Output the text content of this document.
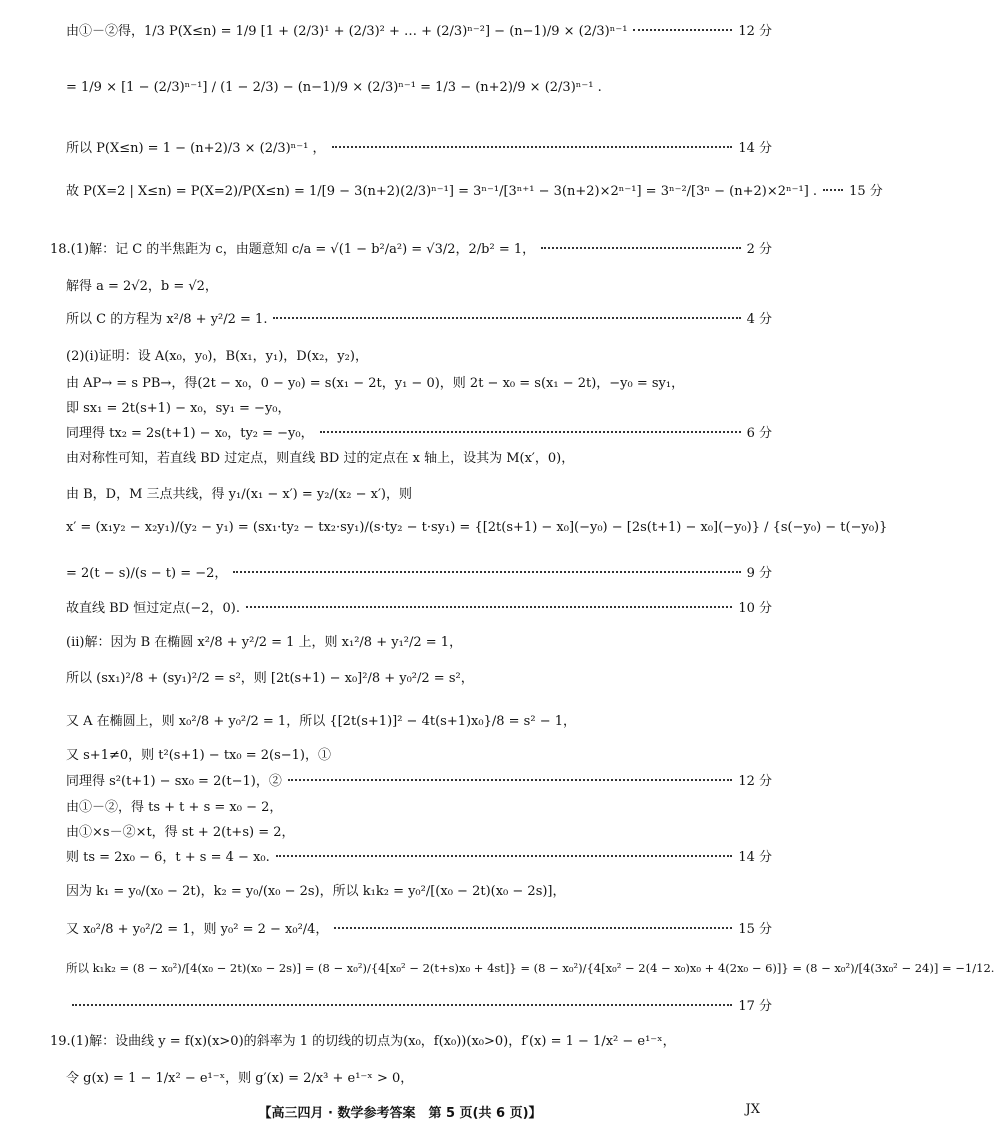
由①－②得，1/3 P(X≤n) = 1/9 [1 + (2/3)¹ + (2/3)² + … + (2/3)ⁿ⁻²] − (n−1)/9 × (2/3)ⁿ⁻¹	12 分
= 1/9 × [1 − (2/3)ⁿ⁻¹] / (1 − 2/3) − (n−1)/9 × (2/3)ⁿ⁻¹ = 1/3 − (n+2)/9 × (2/3)ⁿ⁻¹ .
所以 P(X≤n) = 1 − (n+2)/3 × (2/3)ⁿ⁻¹ ，	14 分
故 P(X=2 | X≤n) = P(X=2)/P(X≤n) = 1/[9 − 3(n+2)(2/3)ⁿ⁻¹] = 3ⁿ⁻¹/[3ⁿ⁺¹ − 3(n+2)×2ⁿ⁻¹] = 3ⁿ⁻²/[3ⁿ − (n+2)×2ⁿ⁻¹] . 15 分
18.(1)解：记 C 的半焦距为 c，由题意知 c/a = √(1 − b²/a²) = √3/2，2/b² = 1，	2 分
解得 a = 2√2，b = √2，
所以 C 的方程为 x²/8 + y²/2 = 1.	4 分
(2)(ⅰ)证明：设 A(x₀，y₀)，B(x₁，y₁)，D(x₂，y₂)，
由 AP→ = s PB→，得(2t − x₀，0 − y₀) = s(x₁ − 2t，y₁ − 0)，则 2t − x₀ = s(x₁ − 2t)，−y₀ = sy₁，
即 sx₁ = 2t(s+1) − x₀，sy₁ = −y₀，
同理得 tx₂ = 2s(t+1) − x₀，ty₂ = −y₀，	6 分
由对称性可知，若直线 BD 过定点，则直线 BD 过的定点在 x 轴上，设其为 M(x′，0)，
由 B，D，M 三点共线，得 y₁/(x₁ − x′) = y₂/(x₂ − x′)，则
x′ = (x₁y₂ − x₂y₁)/(y₂ − y₁) = (sx₁·ty₂ − tx₂·sy₁)/(s·ty₂ − t·sy₁) = {[2t(s+1) − x₀](−y₀) − [2s(t+1) − x₀](−y₀)} / {s(−y₀) − t(−y₀)}
= 2(t − s)/(s − t) = −2，	9 分
故直线 BD 恒过定点(−2，0).	10 分
(ⅱ)解：因为 B 在椭圆 x²/8 + y²/2 = 1 上，则 x₁²/8 + y₁²/2 = 1，
所以 (sx₁)²/8 + (sy₁)²/2 = s²，则 [2t(s+1) − x₀]²/8 + y₀²/2 = s²，
又 A 在椭圆上，则 x₀²/8 + y₀²/2 = 1，所以 {[2t(s+1)]² − 4t(s+1)x₀}/8 = s² − 1，
又 s+1≠0，则 t²(s+1) − tx₀ = 2(s−1)，①
同理得 s²(t+1) − sx₀ = 2(t−1)，②	12 分
由①－②，得 ts + t + s = x₀ − 2，
由①×s－②×t，得 st + 2(t+s) = 2，
则 ts = 2x₀ − 6，t + s = 4 − x₀.	14 分
因为 k₁ = y₀/(x₀ − 2t)，k₂ = y₀/(x₀ − 2s)，所以 k₁k₂ = y₀²/[(x₀ − 2t)(x₀ − 2s)]，
又 x₀²/8 + y₀²/2 = 1，则 y₀² = 2 − x₀²/4，	15 分
所以 k₁k₂ = (8 − x₀²)/[4(x₀ − 2t)(x₀ − 2s)] = (8 − x₀²)/{4[x₀² − 2(t+s)x₀ + 4st]} = (8 − x₀²)/{4[x₀² − 2(4 − x₀)x₀ + 4(2x₀ − 6)]} = (8 − x₀²)/[4(3x₀² − 24)] = −1/12.
17 分
19.(1)解：设曲线 y = f(x)(x>0)的斜率为 1 的切线的切点为(x₀，f(x₀))(x₀>0)，f′(x) = 1 − 1/x² − e¹⁻ˣ，
令 g(x) = 1 − 1/x² − e¹⁻ˣ，则 g′(x) = 2/x³ + e¹⁻ˣ > 0，
【高三四月 · 数学参考答案　第 5 页(共 6 页)】	JX
